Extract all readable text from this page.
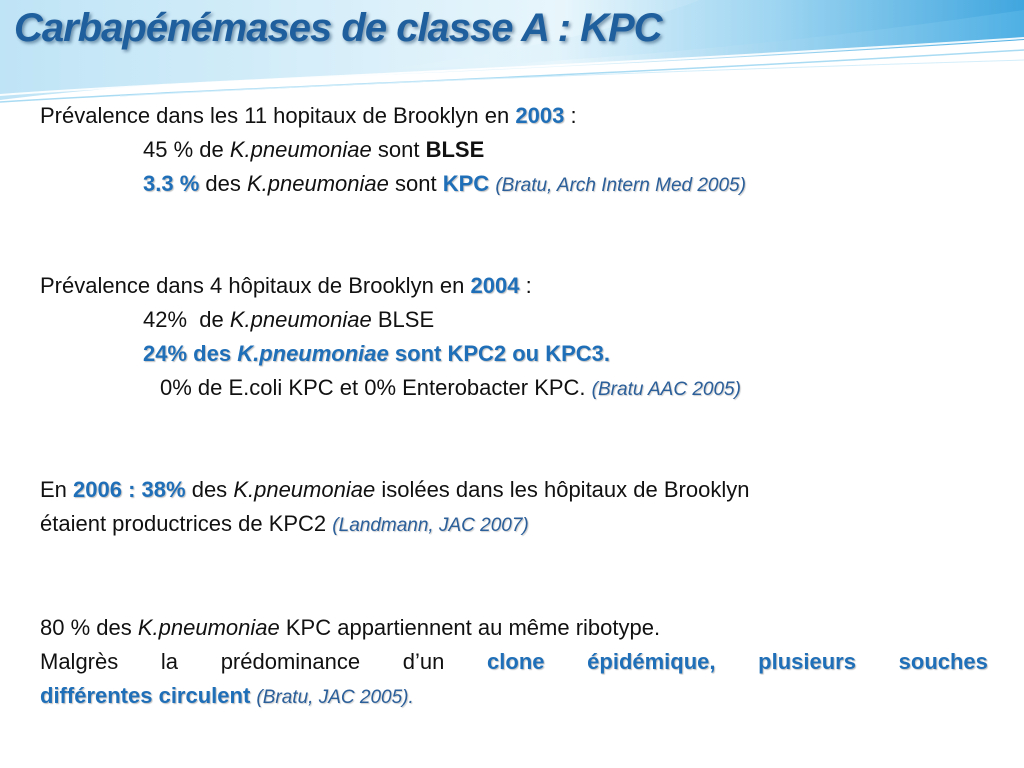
Carbapénémases de classe A : KPC
Prévalence dans les 11 hopitaux de Brooklyn en 2003 :
45 % de K.pneumoniae sont BLSE
3.3 % des K.pneumoniae sont KPC (Bratu, Arch Intern Med 2005)
Prévalence dans 4 hôpitaux de Brooklyn en 2004 :
42%  de K.pneumoniae BLSE
24% des K.pneumoniae sont KPC2 ou KPC3.
0% de E.coli KPC et 0% Enterobacter KPC. (Bratu AAC 2005)
En 2006 : 38% des K.pneumoniae isolées dans les hôpitaux de Brooklyn
étaient productrices de KPC2 (Landmann, JAC 2007)
80 % des K.pneumoniae KPC appartiennent au même ribotype.
Malgrès la prédominance d’un clone épidémique, plusieurs souches
différentes circulent (Bratu, JAC 2005).
